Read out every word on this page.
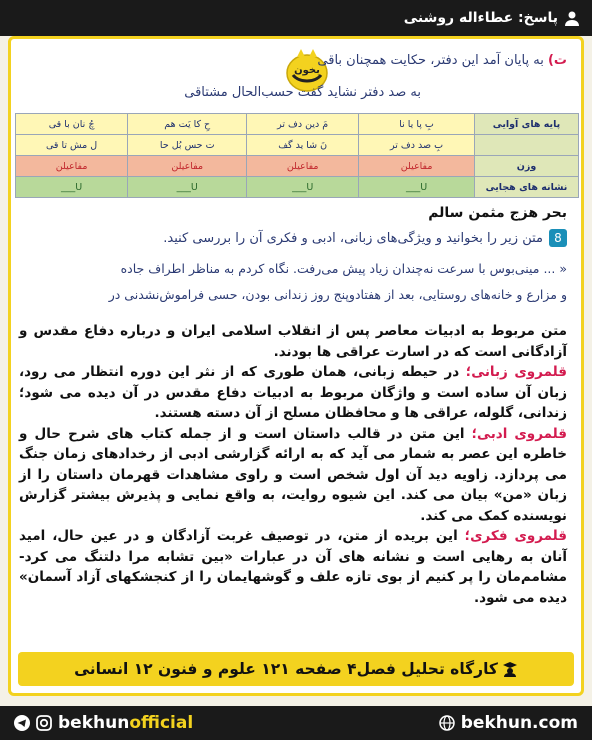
پاسخ: عطاءاله روشنی
بخون
ت) به پایان آمد این دفتر، حکایت همچنان باقی
به صد دفتر نشاید گفت حسب‌الحال مشتاقی
پایه های آوایی	بِ پا یا نا	مَ دین دف تر	حِ کا یَت هم	چُ نان با قی
	بِ صد دف تر	نَ شا يد گف	ت حس بُل حا	ل مش تا قی
وزن	مفاعیلن	مفاعیلن	مفاعیلن	مفاعیلن
نشانه های هجایی	U___	U___	U___	U___
بحر هزج مثمن سالم
8
متن زیر را بخوانید و ویژگی‌های زبانی، ادبی و فکری آن را بررسی کنید.
« ... مینی‌بوس با سرعت نه‌چندان زیاد پیش می‌رفت. نگاه کردم به مناظر اطراف جاده
و مزارع و خانه‌های روستایی، بعد از هفتادوپنج روز زندانی بودن، حسی فراموش‌نشدنی در
متن مربوط به ادبیات معاصر پس از انقلاب اسلامی ایران و درباره دفاع مقدس و آزادگانی است که در اسارت عراقی ها بودند.
قلمروی زبانی؛ در حیطه زبانی، همان طوری که از نثر این دوره انتظار می رود، زبان آن ساده است و واژگان مربوط به ادبیات دفاع مقدس در آن دیده می شود؛ زندانی، گلوله، عراقی ها و محافظان مسلح از آن دسته هستند.
قلمروی ادبی؛ این متن در قالب داستان است و از جمله کتاب های شرح حال و خاطره این عصر به شمار می آید که به ارائه گزارشی ادبی از رخدادهای زمان جنگ می پردازد. زاویه دید آن اول شخص است و راوی مشاهدات قهرمان داستان را از زبان «من» بیان می کند. این شیوه روایت، به واقع نمایی و پذیرش بیشتر گزارش نویسنده کمک می کند.
قلمروی فکری؛ این بریده از متن، در توصیف غربت آزادگان و در عین حال، امید آنان به رهایی است و نشانه های آن در عبارات «بین تشابه مرا دلتنگ می کرد- مشامم‌مان را پر کنیم از بوی تازه علف و گوشهایمان را از کنجشکهای آزاد آسمان» دیده می شود.
کارگاه تحلیل فصل۴ صفحه ۱۲۱ علوم و فنون ۱۲ انسانی
bekhunofficial	bekhun.com
